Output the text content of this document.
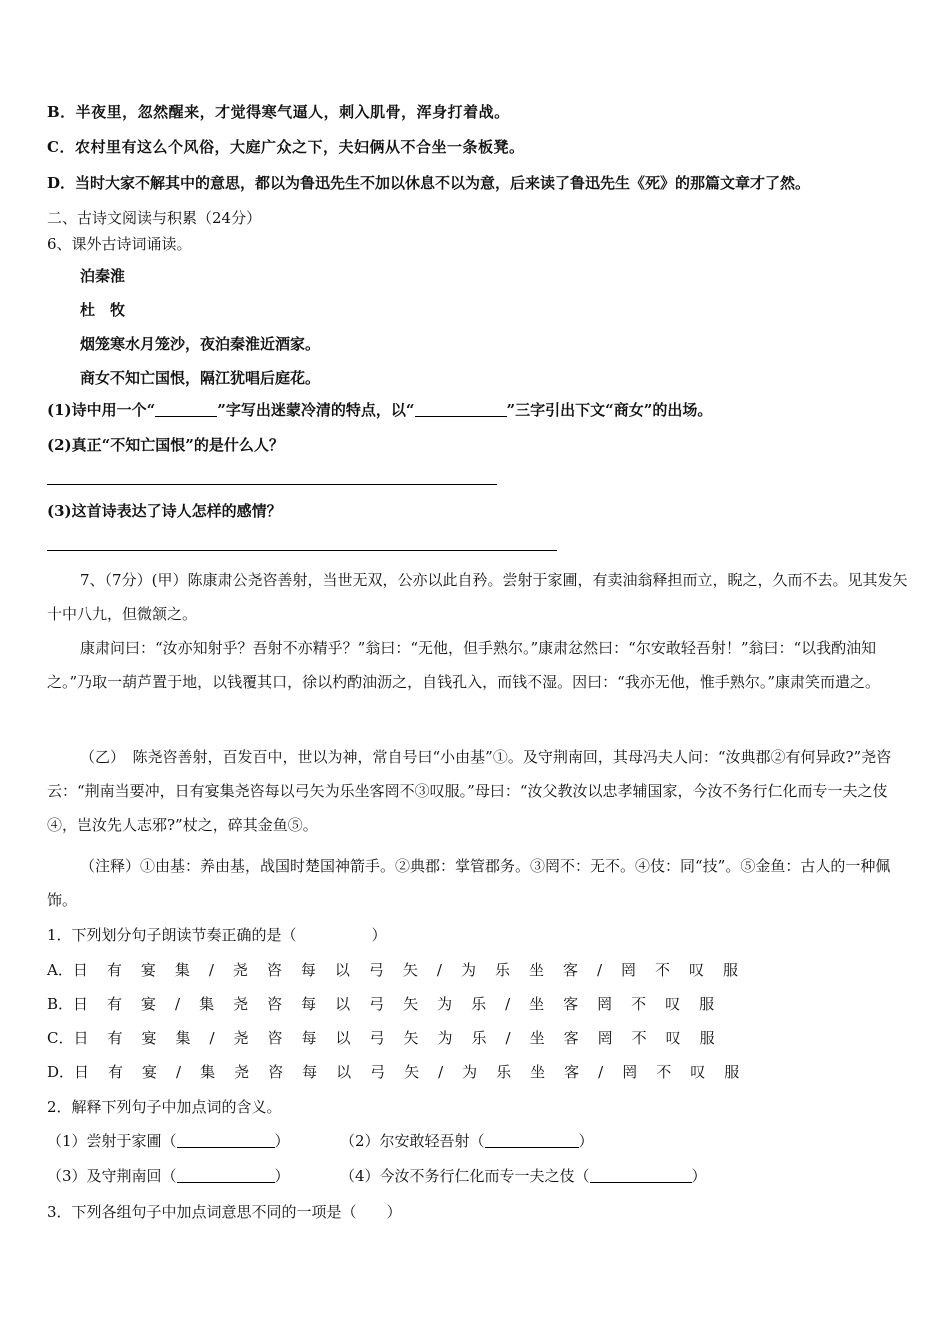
B．半夜里，忽然醒来，才觉得寒气逼人，刺入肌骨，浑身打着战。
C．农村里有这么个风俗，大庭广众之下，夫妇俩从不合坐一条板凳。
D．当时大家不解其中的意思，都以为鲁迅先生不加以休息不以为意，后来读了鲁迅先生《死》的那篇文章才了然。
二、古诗文阅读与积累（24分）
6、课外古诗词诵读。
泊秦淮
杜　牧
烟笼寒水月笼沙，夜泊秦淮近酒家。
商女不知亡国恨，隔江犹唱后庭花。
(1)诗中用一个“	”字写出迷蒙冷清的特点，以“	”三字引出下文“商女”的出场。
(2)真正“不知亡国恨”的是什么人？
(3)这首诗表达了诗人怎样的感情？
7、（7分）(甲）陈康肃公尧咨善射，当世无双，公亦以此自矜。尝射于家圃，有卖油翁释担而立，睨之，久而不去。见其发矢十中八九，但微颔之。
康肃问曰：“汝亦知射乎？吾射不亦精乎？”翁曰：“无他，但手熟尔。”康肃忿然曰：“尔安敢轻吾射！”翁曰：“以我酌油知之。”乃取一葫芦置于地，以钱覆其口，徐以杓酌油沥之，自钱孔入，而钱不湿。因曰：“我亦无他，惟手熟尔。”康肃笑而遣之。
（乙）　陈尧咨善射，百发百中，世以为神，常自号曰“小由基”①。及守荆南回，其母冯夫人问：“汝典郡②有何异政?”尧咨云：“荆南当要冲，日有宴集尧咨每以弓矢为乐坐客罔不③叹服。”母曰：“汝父教汝以忠孝辅国家，今汝不务行仁化而专一夫之伎④，岂汝先人志邪?”杖之，碎其金鱼⑤。
（注释）①由基：养由基，战国时楚国神箭手。②典郡：掌管郡务。③罔不：无不。④伎：同“技”。⑤金鱼：古人的一种佩饰。
1．下列划分句子朗读节奏正确的是（　　　　　）
A．日有宴集/尧咨每以弓矢/为乐坐客/罔不叹服
B．日有宴/集尧咨每以弓矢为乐/坐客罔不叹服
C．日有宴集/尧咨每以弓矢为乐/坐客罔不叹服
D．日有宴/集尧咨每以弓矢/为乐坐客/罔不叹服
2．解释下列句子中加点词的含义。
（1）尝射于家圃（	）	（2）尔安敢轻吾射（	）
（3）及守荆南回（	）	（4）今汝不务行仁化而专一夫之伎（	）
3．下列各组句子中加点词意思不同的一项是（　　）
